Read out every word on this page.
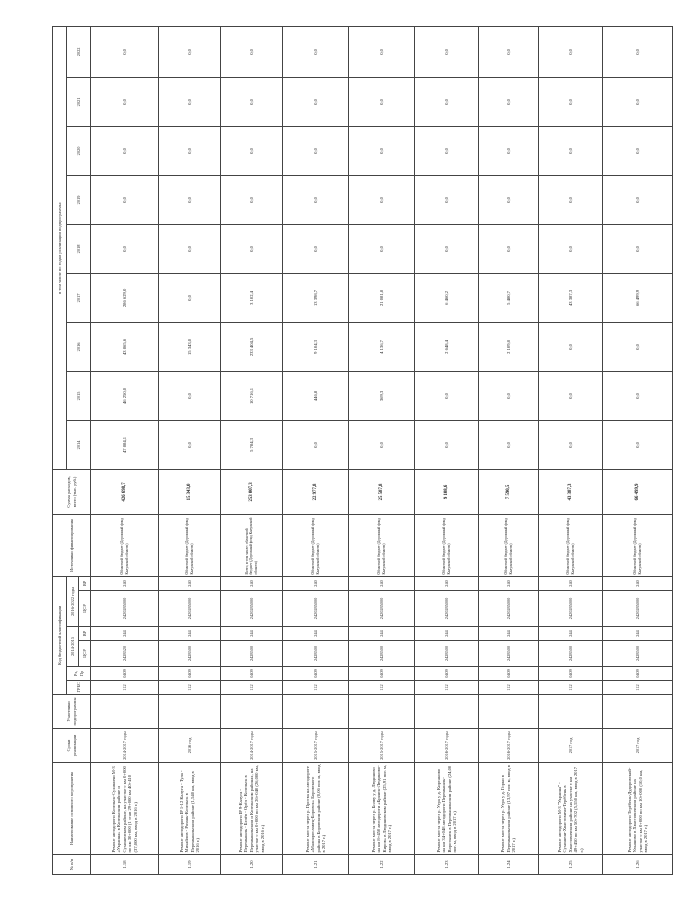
№ п/п	Наименование основного мероприятия	Сроки реализации	Участники подпрограммы	Код бюджетной классификации						Источники финансирования	Сумма расходов, всего (тыс. руб.)	в том числе по годам реализации подпрограммы:								
				ГРБС	Рз, Пр	2014-2015		2016-2022 годы				2014	2015	2016	2017	2018	2019	2020	2021	2022
						ЦСР	ВР	ЦСР	ВР											
1.18	Ремонт автодороги Козельск-Сухиничи М-3 «Украина» в Козельском районе и Сухиничском районе, на участке с км 0+000 по км 30+000 (1 этап 29+000 км 40+410 (37,000 км, ввод в 2016 г.)	2014-2017 годы		112	0409	2428520	244	2420285000	240	Областной бюджет (Дорожный фонд Калужской области)	426 698,7	47 884,1	46 250,0	43 865,6	286 629,0	0,0	0,0	0,0	0,0	0,0
1.19	Ремонт автодороги IP 1-12 Калуга - Тула - Михайлов - Рязань-Козельск в Перемышльском районе (1,540 км, ввод в 2016 г.)	2016 год		112	0409	2428500	244	2420285000	240	Областной бюджет (Дорожный фонд Калужской области)	15 343,0	0,0	0,0	15 343,0	0,0	0,0	0,0	0,0	0,0	0,0
1.20	Ремонт автодороги IP 9-Калуга - Перемышль - Белёв - Орёл - Козельск в Перемышльском и Козельском районах, на участке с км 0+000 по км 26+040 (26,000 км, ввод в 2016 г.)	2014-2017 годы		112	0409	2428500	244	2420285000	240	Всего, в том числе: областной бюджет (Дорожный фонд Калужской области)	253 007,3	5 784,3	10 716,1	233 404,5	3 102,4	0,0	0,0	0,0	0,0	0,0
1.21	Ремонт моста через р. Протва на автодороге «Малоярославец-Боровск» Боровского района в Боровском районе (0,06 пог. м, ввод в 2017 г.)	2015-2017 годы		112	0409	2428500	244	2420285000	240	Областной бюджет (Дорожный фонд Калужской области)	22 977,8	0,0	446,8	9 104,3	13 398,7	0,0	0,0	0,0	0,0	0,0
1.22	Ремонт моста через р. Болву у д. Людиново на км 8+450 автодороги «Брянск-Людиново-Киров» в Людиновском районе (25,91 пог. м, ввод в 2017 г.)	2015-2017 годы		112	0409	2428500	244	2420285000	240	Областной бюджет (Дорожный фонд Калужской области)	25 587,8	0,0	369,3	4 136,7	21 081,8	0,0	0,0	0,0	0,0	0,0
1.23	Ремонт моста через р. Угра у д. Кирсаново на км 34+048 автодороги Перемышль-Воротынск в Перемышльском районе (24,00 пог. м, ввод в 2017 г.)	2016-2017 годы		112	0409	2428500	244	2420285000	240	Областной бюджет (Дорожный фонд Калужской области)	9 108,6	0,0	0,0	2 648,4	6 460,2	0,0	0,0	0,0	0,0	0,0
1.24	Ремонт моста через р. Угра у д. Горки в Перемышльском районе (13,97 пог. м, ввод в 2017 г.)	2016-2017 годы		112	0409	2428500	244	2420285000	240	Областной бюджет (Дорожный фонд Калужской области)	7 590,5	0,0	0,0	2 109,8	5 480,7	0,0	0,0	0,0	0,0	0,0
1.25	Ремонт автодороги М-3 "Украина" - Сухиничи-Хвастовичи-Терёбень в Хвастовичском районе на участке с км 49+450 по км 50+702 (5,550 км, ввод в 2017 г.)	2017 год		112	0409	2428500	244	2420285000	240	Областной бюджет (Дорожный фонд Калужской области)	43 387,3	0,0	0,0	0,0	43 387,3	0,0	0,0	0,0	0,0	0,0
1.26	Ремонт автодороги Терёбень-Дудоровский-Ульяново в Хвастовичском районе на участке с км 0+000 по км 10+000 (10,0 км, ввод в 2017 г.)	2017 год		112	0409	2428500	244	2420285000	240	Областной бюджет (Дорожный фонд Калужской области)	66 499,9	0,0	0,0	0,0	66 499,9	0,0	0,0	0,0	0,0	0,0
